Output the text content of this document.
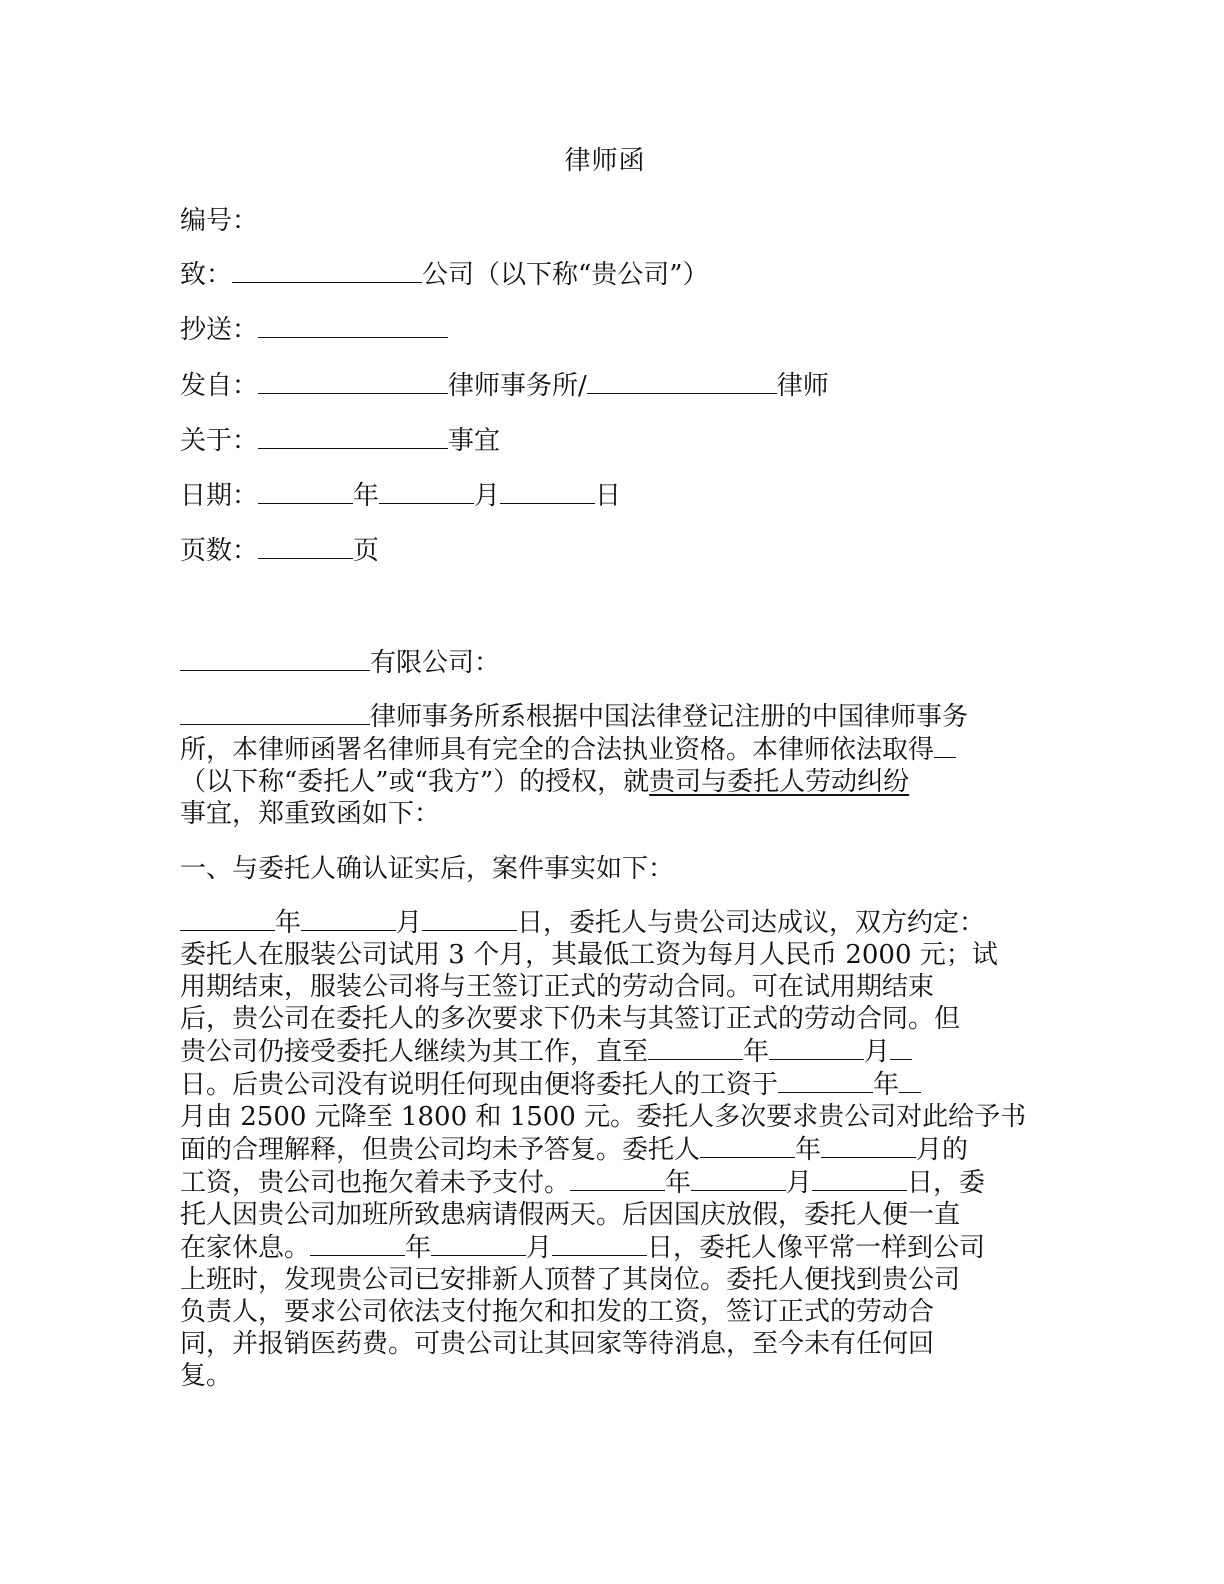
律师函
编号：
致：	公司（以下称“贵公司”）
抄送：
发自：	律师事务所/	律师
关于：	事宜
日期：	年	月	日
页数：	页
有限公司：
律师事务所系根据中国法律登记注册的中国律师事务
所，本律师函署名律师具有完全的合法执业资格。本律师依法取得
（以下称“委托人”或“我方”）的授权，就贵司与委托人劳动纠纷
事宜，郑重致函如下：
一、与委托人确认证实后，案件事实如下：
年	月	日，委托人与贵公司达成议，双方约定：
委托人在服装公司试用 3 个月，其最低工资为每月人民币 2000 元；试
用期结束，服装公司将与王签订正式的劳动合同。可在试用期结束
后，贵公司在委托人的多次要求下仍未与其签订正式的劳动合同。但
贵公司仍接受委托人继续为其工作，直至	年	月
日。后贵公司没有说明任何现由便将委托人的工资于	年
月由 2500 元降至 1800 和 1500 元。委托人多次要求贵公司对此给予书
面的合理解释，但贵公司均未予答复。委托人	年	月的
工资，贵公司也拖欠着未予支付。	年	月	日，委
托人因贵公司加班所致患病请假两天。后因国庆放假，委托人便一直
在家休息。	年	月	日，委托人像平常一样到公司
上班时，发现贵公司已安排新人顶替了其岗位。委托人便找到贵公司
负责人，要求公司依法支付拖欠和扣发的工资，签订正式的劳动合
同，并报销医药费。可贵公司让其回家等待消息，至今未有任何回
复。
